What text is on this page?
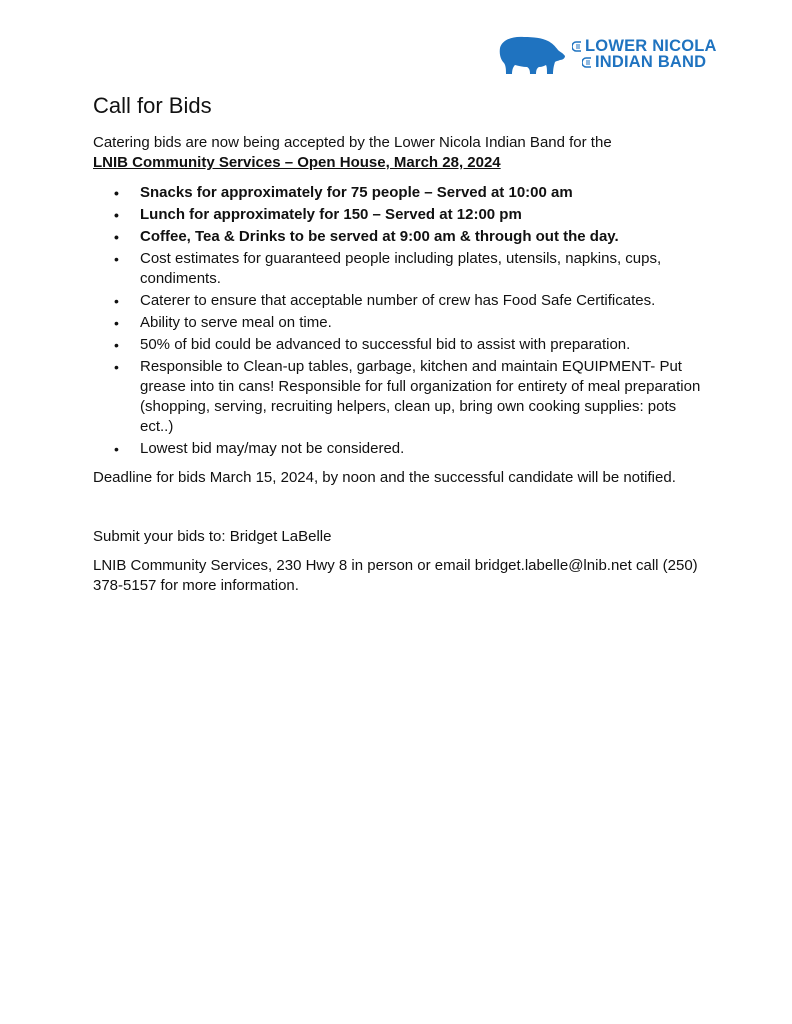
LOWER NICOLA
INDIAN BAND
Call for Bids

Catering bids are now being accepted by the Lower Nicola Indian Band for the

LNIB Community Services – Open House, March 28, 2024

• Snacks for approximately for 75 people – Served at 10:00 am
• Lunch for approximately for 150 – Served at 12:00 pm
• Coffee, Tea & Drinks to be served at 9:00 am & through out the day.
• Cost estimates for guaranteed people including plates, utensils, napkins, cups, condiments.
• Caterer to ensure that acceptable number of crew has Food Safe Certificates.
• Ability to serve meal on time.
• 50% of bid could be advanced to successful bid to assist with preparation.
• Responsible to Clean-up tables, garbage, kitchen and maintain EQUIPMENT- Put grease into tin cans! Responsible for full organization for entirety of meal preparation (shopping, serving, recruiting helpers, clean up, bring own cooking supplies: pots ect..)
• Lowest bid may/may not be considered.

Deadline for bids March 15, 2024, by noon and the successful candidate will be notified.

Submit your bids to: Bridget LaBelle

LNIB Community Services, 230 Hwy 8 in person or email bridget.labelle@lnib.net call (250) 378-5157 for more information.
